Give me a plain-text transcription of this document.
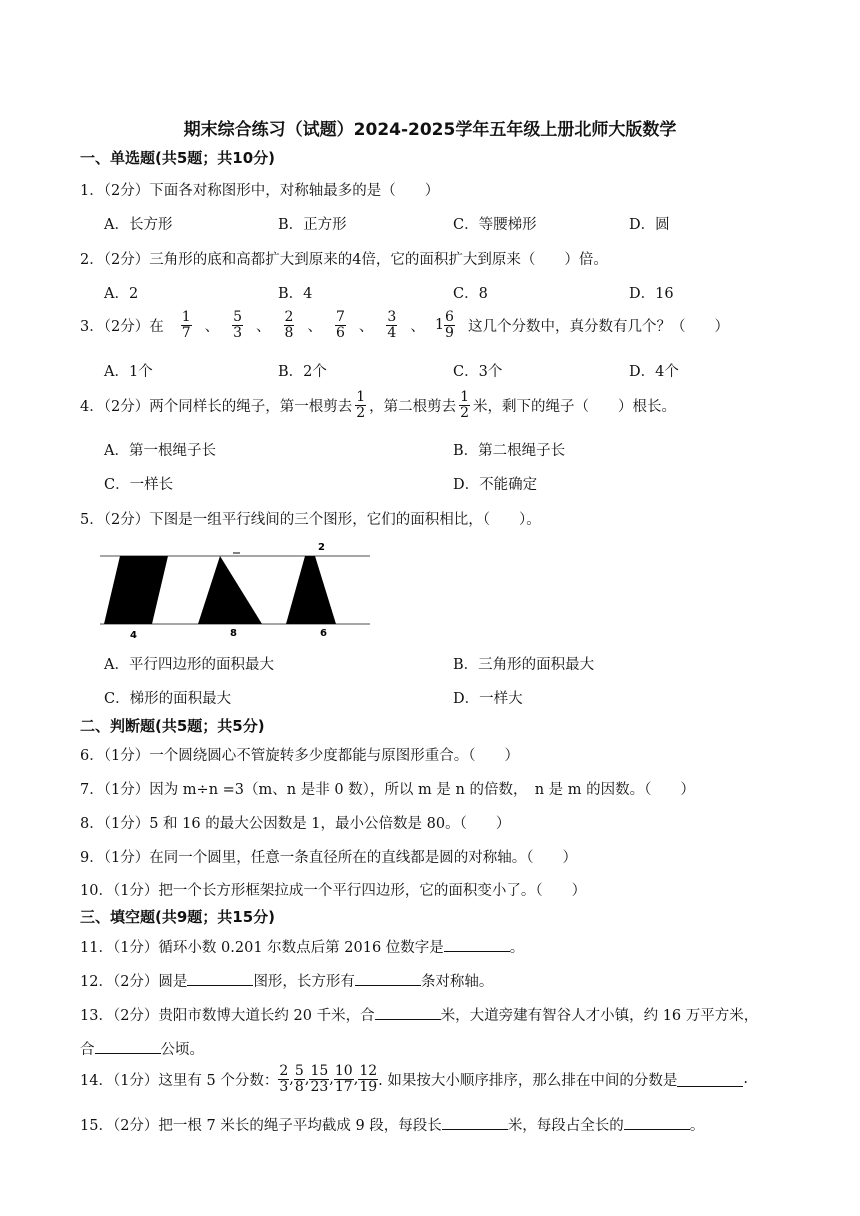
期末综合练习（试题）2024-2025学年五年级上册北师大版数学
一、单选题(共5题；共10分)
1．（2分）下面各对称图形中，对称轴最多的是（　　）
A．长方形	B．正方形	C．等腰梯形	D．圆
2．（2分）三角形的底和高都扩大到原来的4倍，它的面积扩大到原来（　　）倍。
A．2	B．4	C．8	D．16
3．（2分）在 $\frac{1}{7}$ 、 $\frac{5}{3}$ 、 $\frac{2}{8}$ 、 $\frac{7}{6}$ 、 $\frac{3}{4}$ 、 $1 \frac{6}{9}$ 这几个分数中，真分数有几个？（　　）
A．1个	B．2个	C．3个	D．4个
4．（2分）两个同样长的绳子，第一根剪去 $\frac{1}{2}$ ，第二根剪去 $\frac{1}{2}$ 米，剩下的绳子（　　）根长。
A．第一根绳子长	B．第二根绳子长
C．一样长	D．不能确定
5．（2分）下图是一组平行线间的三个图形，它们的面积相比，（　　）。
2
4	8	6
A．平行四边形的面积最大	B．三角形的面积最大
C．梯形的面积最大	D．一样大
二、判断题(共5题；共5分)
6．（1分）一个圆绕圆心不管旋转多少度都能与原图形重合。（　　）
7．（1分）因为 m÷n =3（m、n 是非 0 数），所以 m 是 n 的倍数，　n 是 m 的因数。（　　）
8．（1分）5 和 16 的最大公因数是 1，最小公倍数是 80。（　　）
9．（1分）在同一个圆里，任意一条直径所在的直线都是圆的对称轴。（　　）
10．（1分）把一个长方形框架拉成一个平行四边形，它的面积变小了。（　　）
三、填空题(共9题；共15分)
11．（1分）循环小数 0.201 尔数点后第 2016 位数字是	。
12．（2分）圆是	图形，长方形有	条对称轴。
13．（2分）贵阳市数博大道长约 20 千米，合	米，大道旁建有智谷人才小镇，约 16 万平方米，
合	公顷。
14．（1分）这里有 5 个分数： $\frac{2}{3}$ , $\frac{5}{8}$ , $\frac{15}{23}$ , $\frac{10}{17}$ , $\frac{12}{19}$ . 如果按大小顺序排序，那么排在中间的分数是	.
15．（2分）把一根 7 米长的绳子平均截成 9 段，每段长	米，每段占全长的	。
